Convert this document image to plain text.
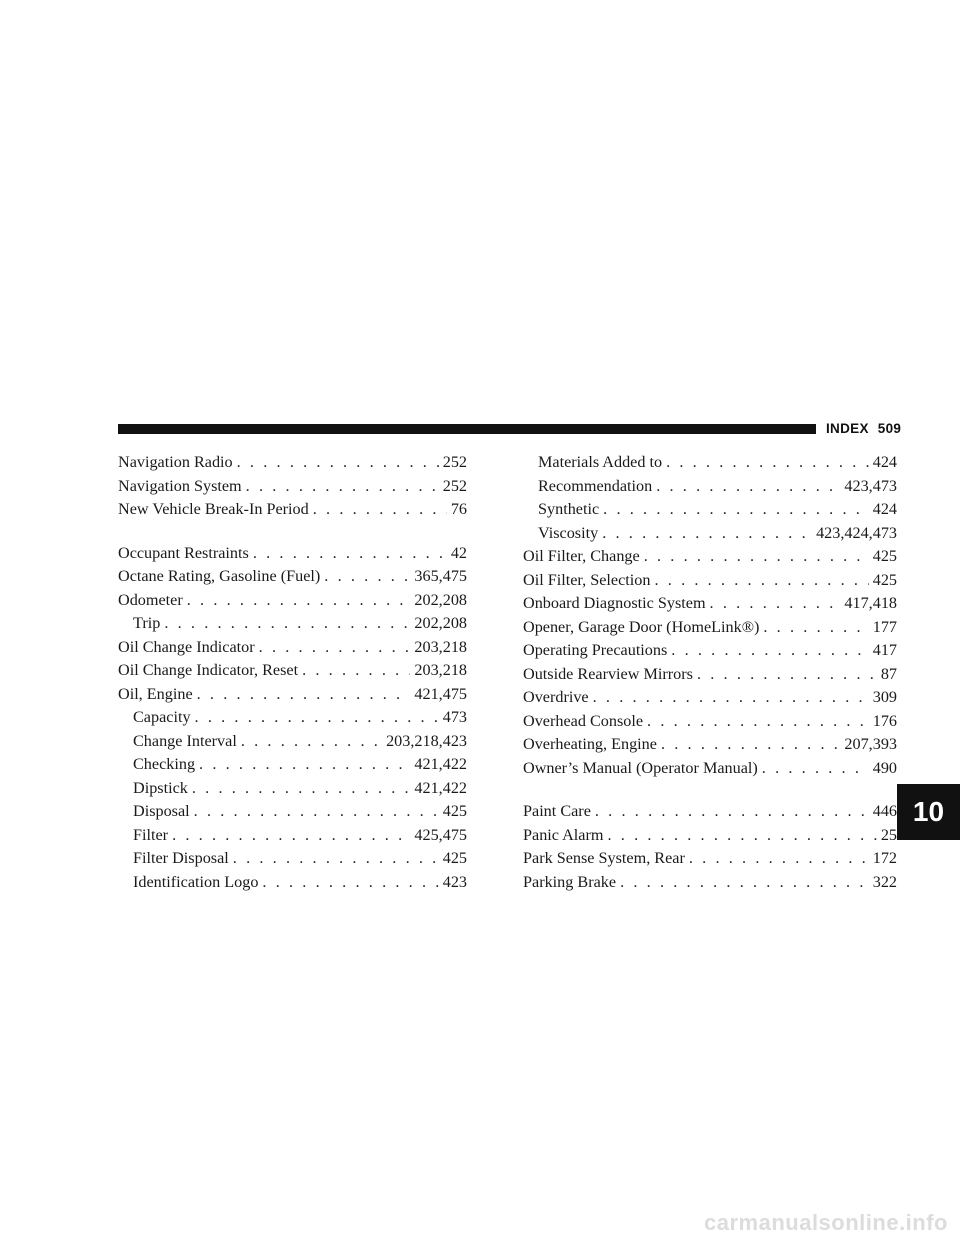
INDEX 509
Navigation Radio . . .	252
Navigation System . . .	252
New Vehicle Break-In Period . . .	76
Occupant Restraints . . .	42
Octane Rating, Gasoline (Fuel) . . .	365,475
Odometer . . .	202,208
Trip . . .	202,208
Oil Change Indicator . . .	203,218
Oil Change Indicator, Reset . . .	203,218
Oil, Engine . . .	421,475
Capacity . . .	473
Change Interval . . .	203,218,423
Checking . . .	421,422
Dipstick . . .	421,422
Disposal . . .	425
Filter . . .	425,475
Filter Disposal . . .	425
Identification Logo . . .	423
Materials Added to . . .	424
Recommendation . . .	423,473
Synthetic . . .	424
Viscosity . . .	423,424,473
Oil Filter, Change . . .	425
Oil Filter, Selection . . .	425
Onboard Diagnostic System . . .	417,418
Opener, Garage Door (HomeLink®) . . .	177
Operating Precautions . . .	417
Outside Rearview Mirrors . . .	87
Overdrive . . .	309
Overhead Console . . .	176
Overheating, Engine . . .	207,393
Owner’s Manual (Operator Manual) . . .	490
Paint Care . . .	446
Panic Alarm . . .	25
Park Sense System, Rear . . .	172
Parking Brake . . .	322
10
carmanualsonline.info
